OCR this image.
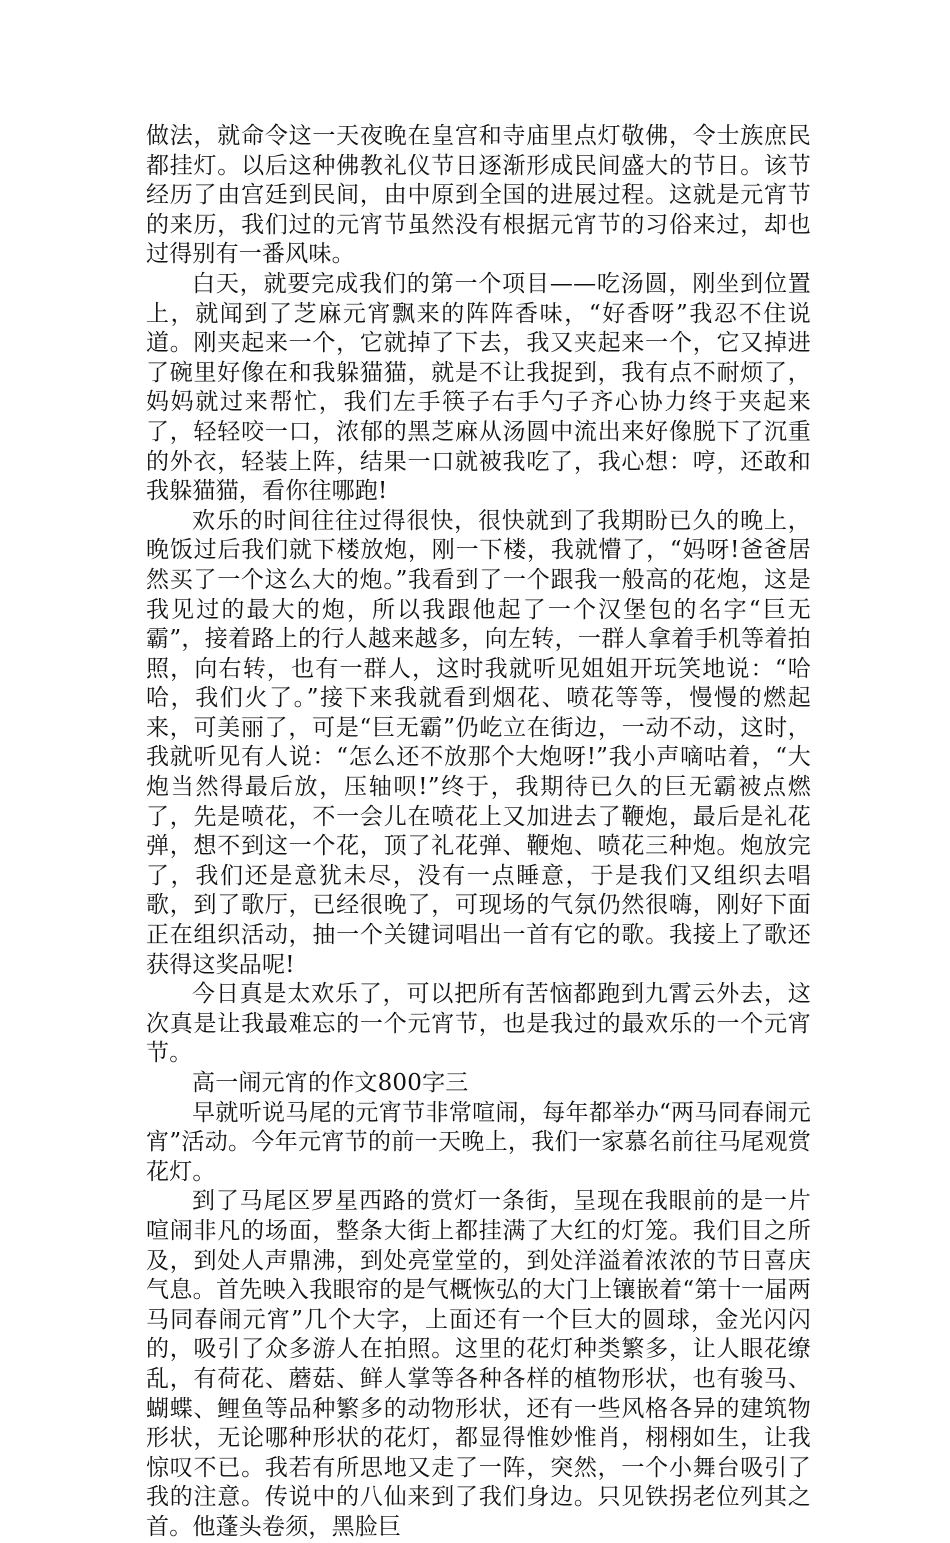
做法，就命令这一天夜晚在皇宫和寺庙里点灯敬佛，令士族庶民都挂灯。以后这种佛教礼仪节日逐渐形成民间盛大的节日。该节经历了由宫廷到民间，由中原到全国的进展过程。这就是元宵节的来历，我们过的元宵节虽然没有根据元宵节的习俗来过，却也过得别有一番风味。

白天，就要完成我们的第一个项目——吃汤圆，刚坐到位置上，就闻到了芝麻元宵飘来的阵阵香味，“好香呀”我忍不住说道。刚夹起来一个，它就掉了下去，我又夹起来一个，它又掉进了碗里好像在和我躲猫猫，就是不让我捉到，我有点不耐烦了，妈妈就过来帮忙，我们左手筷子右手勺子齐心协力终于夹起来了，轻轻咬一口，浓郁的黑芝麻从汤圆中流出来好像脱下了沉重的外衣，轻装上阵，结果一口就被我吃了，我心想：哼，还敢和我躲猫猫，看你往哪跑!

欢乐的时间往往过得很快，很快就到了我期盼已久的晚上，晚饭过后我们就下楼放炮，刚一下楼，我就懵了，“妈呀!爸爸居然买了一个这么大的炮。”我看到了一个跟我一般高的花炮，这是我见过的最大的炮，所以我跟他起了一个汉堡包的名字“巨无霸”，接着路上的行人越来越多，向左转，一群人拿着手机等着拍照，向右转，也有一群人，这时我就听见姐姐开玩笑地说：“哈哈，我们火了。”接下来我就看到烟花、喷花等等，慢慢的燃起来，可美丽了，可是“巨无霸”仍屹立在街边，一动不动，这时，我就听见有人说：“怎么还不放那个大炮呀!”我小声嘀咕着，“大炮当然得最后放，压轴呗!”终于，我期待已久的巨无霸被点燃了，先是喷花，不一会儿在喷花上又加进去了鞭炮，最后是礼花弹，想不到这一个花，顶了礼花弹、鞭炮、喷花三种炮。炮放完了，我们还是意犹未尽，没有一点睡意，于是我们又组织去唱歌，到了歌厅，已经很晚了，可现场的气氛仍然很嗨，刚好下面正在组织活动，抽一个关键词唱出一首有它的歌。我接上了歌还获得这奖品呢!

今日真是太欢乐了，可以把所有苦恼都跑到九霄云外去，这次真是让我最难忘的一个元宵节，也是我过的最欢乐的一个元宵节。

高一闹元宵的作文800字三

早就听说马尾的元宵节非常喧闹，每年都举办“两马同春闹元宵”活动。今年元宵节的前一天晚上，我们一家慕名前往马尾观赏花灯。

到了马尾区罗星西路的赏灯一条街，呈现在我眼前的是一片喧闹非凡的场面，整条大街上都挂满了大红的灯笼。我们目之所及，到处人声鼎沸，到处亮堂堂的，到处洋溢着浓浓的节日喜庆气息。首先映入我眼帘的是气概恢弘的大门上镶嵌着“第十一届两马同春闹元宵”几个大字，上面还有一个巨大的圆球，金光闪闪的，吸引了众多游人在拍照。这里的花灯种类繁多，让人眼花缭乱，有荷花、蘑菇、鲜人掌等各种各样的植物形状，也有骏马、蝴蝶、鲤鱼等品种繁多的动物形状，还有一些风格各异的建筑物形状，无论哪种形状的花灯，都显得惟妙惟肖，栩栩如生，让我惊叹不已。我若有所思地又走了一阵，突然，一个小舞台吸引了我的注意。传说中的八仙来到了我们身边。只见铁拐老位列其之首。他蓬头卷须，黑脸巨
